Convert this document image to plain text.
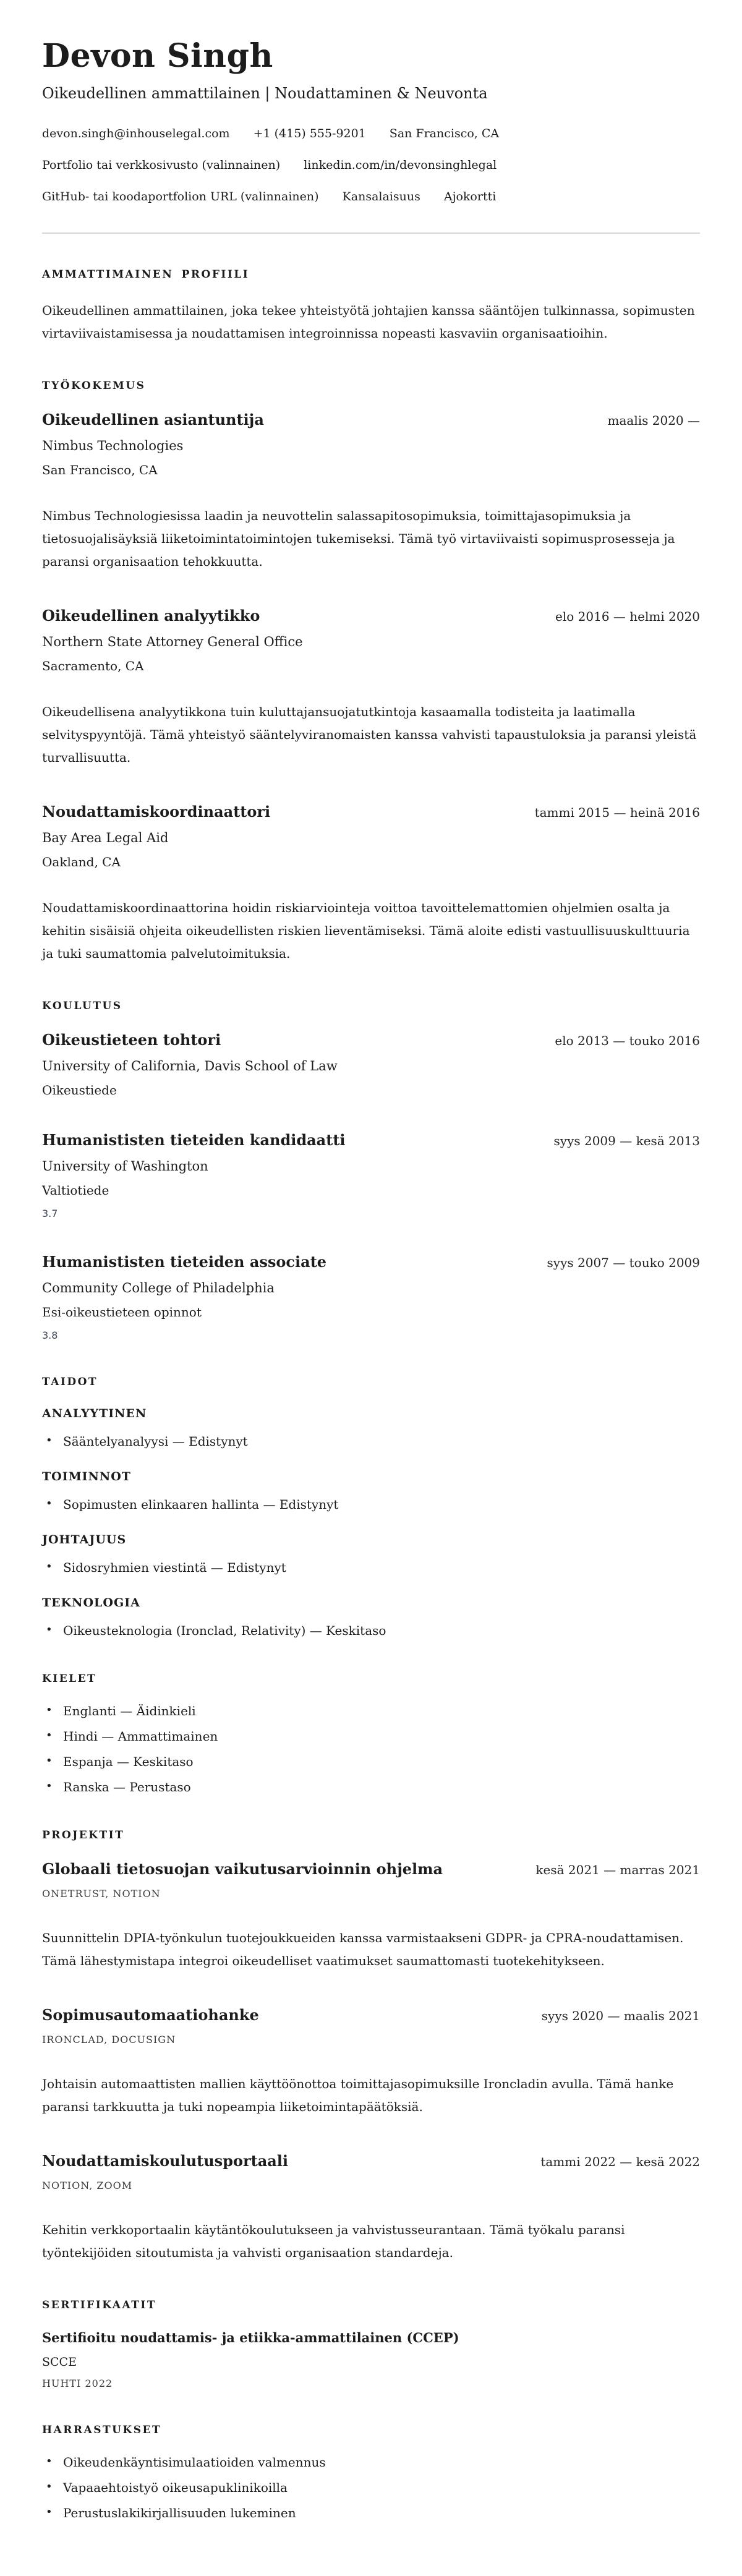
Devon Singh

Oikeudellinen ammattilainen | Noudattaminen & Neuvonta

devon.singh@inhouselegal.com +1 (415) 555-9201 San Francisco, CA
Portfolio tai verkkosivusto (valinnainen) linkedin.com/in/devonsinghlegal
GitHub- tai koodaportfolion URL (valinnainen) Kansalaisuus Ajokortti
AMMATTIMAINEN PROFIILI

Oikeudellinen ammattilainen, joka tekee yhteistyötä johtajien kanssa sääntöjen tulkinnassa, sopimusten virtaviivaistamisessa ja noudattamisen integroinnissa nopeasti kasvaviin organisaatioihin.

TYÖKOKEMUS
Oikeudellinen asiantuntija	maalis 2020 —

Nimbus Technologies

San Francisco, CA

Nimbus Technologiesissa laadin ja neuvottelin salassapitosopimuksia, toimittajasopimuksia ja tietosuojalisäyksiä liiketoimintatoimintojen tukemiseksi. Tämä työ virtaviivaisti sopimusprosesseja ja paransi organisaation tehokkuutta.

Oikeudellinen analyytikko	elo 2016 — helmi 2020

Northern State Attorney General Office

Sacramento, CA

Oikeudellisena analyytikkona tuin kuluttajansuojatutkintoja kasaamalla todisteita ja laatimalla selvityspyyntöjä. Tämä yhteistyö sääntelyviranomaisten kanssa vahvisti tapaustuloksia ja paransi yleistä turvallisuutta.

Noudattamiskoordinaattori	tammi 2015 — heinä 2016

Bay Area Legal Aid

Oakland, CA

Noudattamiskoordinaattorina hoidin riskiarviointeja voittoa tavoittelemattomien ohjelmien osalta ja kehitin sisäisiä ohjeita oikeudellisten riskien lieventämiseksi. Tämä aloite edisti vastuullisuuskulttuuria ja tuki saumattomia palvelutoimituksia.

KOULUTUS
Oikeustieteen tohtori	elo 2013 — touko 2016

University of California, Davis School of Law

Oikeustiede

Humanististen tieteiden kandidaatti	syys 2009 — kesä 2013

University of Washington

Valtiotiede

3.7

Humanististen tieteiden associate	syys 2007 — touko 2009

Community College of Philadelphia

Esi-oikeustieteen opinnot

3.8

TAIDOT
ANALYYTINEN
• Sääntelyanalyysi — Edistynyt
TOIMINNOT
• Sopimusten elinkaaren hallinta — Edistynyt
JOHTAJUUS
• Sidosryhmien viestintä — Edistynyt
TEKNOLOGIA
• Oikeusteknologia (Ironclad, Relativity) — Keskitaso
KIELET
• Englanti — Äidinkieli
• Hindi — Ammattimainen
• Espanja — Keskitaso
• Ranska — Perustaso
PROJEKTIT
Globaali tietosuojan vaikutusarvioinnin ohjelma	kesä 2021 — marras 2021

ONETRUST, NOTION

Suunnittelin DPIA-työnkulun tuotejoukkueiden kanssa varmistaakseni GDPR- ja CPRA-noudattamisen. Tämä lähestymistapa integroi oikeudelliset vaatimukset saumattomasti tuotekehitykseen.

Sopimusautomaatiohanke	syys 2020 — maalis 2021

IRONCLAD, DOCUSIGN

Johtaisin automaattisten mallien käyttöönottoa toimittajasopimuksille Ironcladin avulla. Tämä hanke paransi tarkkuutta ja tuki nopeampia liiketoimintapäätöksiä.

Noudattamiskoulutusportaali	tammi 2022 — kesä 2022

NOTION, ZOOM

Kehitin verkkoportaalin käytäntökoulutukseen ja vahvistusseurantaan. Tämä työkalu paransi työntekijöiden sitoutumista ja vahvisti organisaation standardeja.

SERTIFIKAATIT

Sertifioitu noudattamis- ja etiikka-ammattilainen (CCEP)

SCCE

HUHTI 2022

HARRASTUKSET
• Oikeudenkäyntisimulaatioiden valmennus
• Vapaaehtoistyö oikeusapuklinikoilla
• Perustuslakikirjallisuuden lukeminen
